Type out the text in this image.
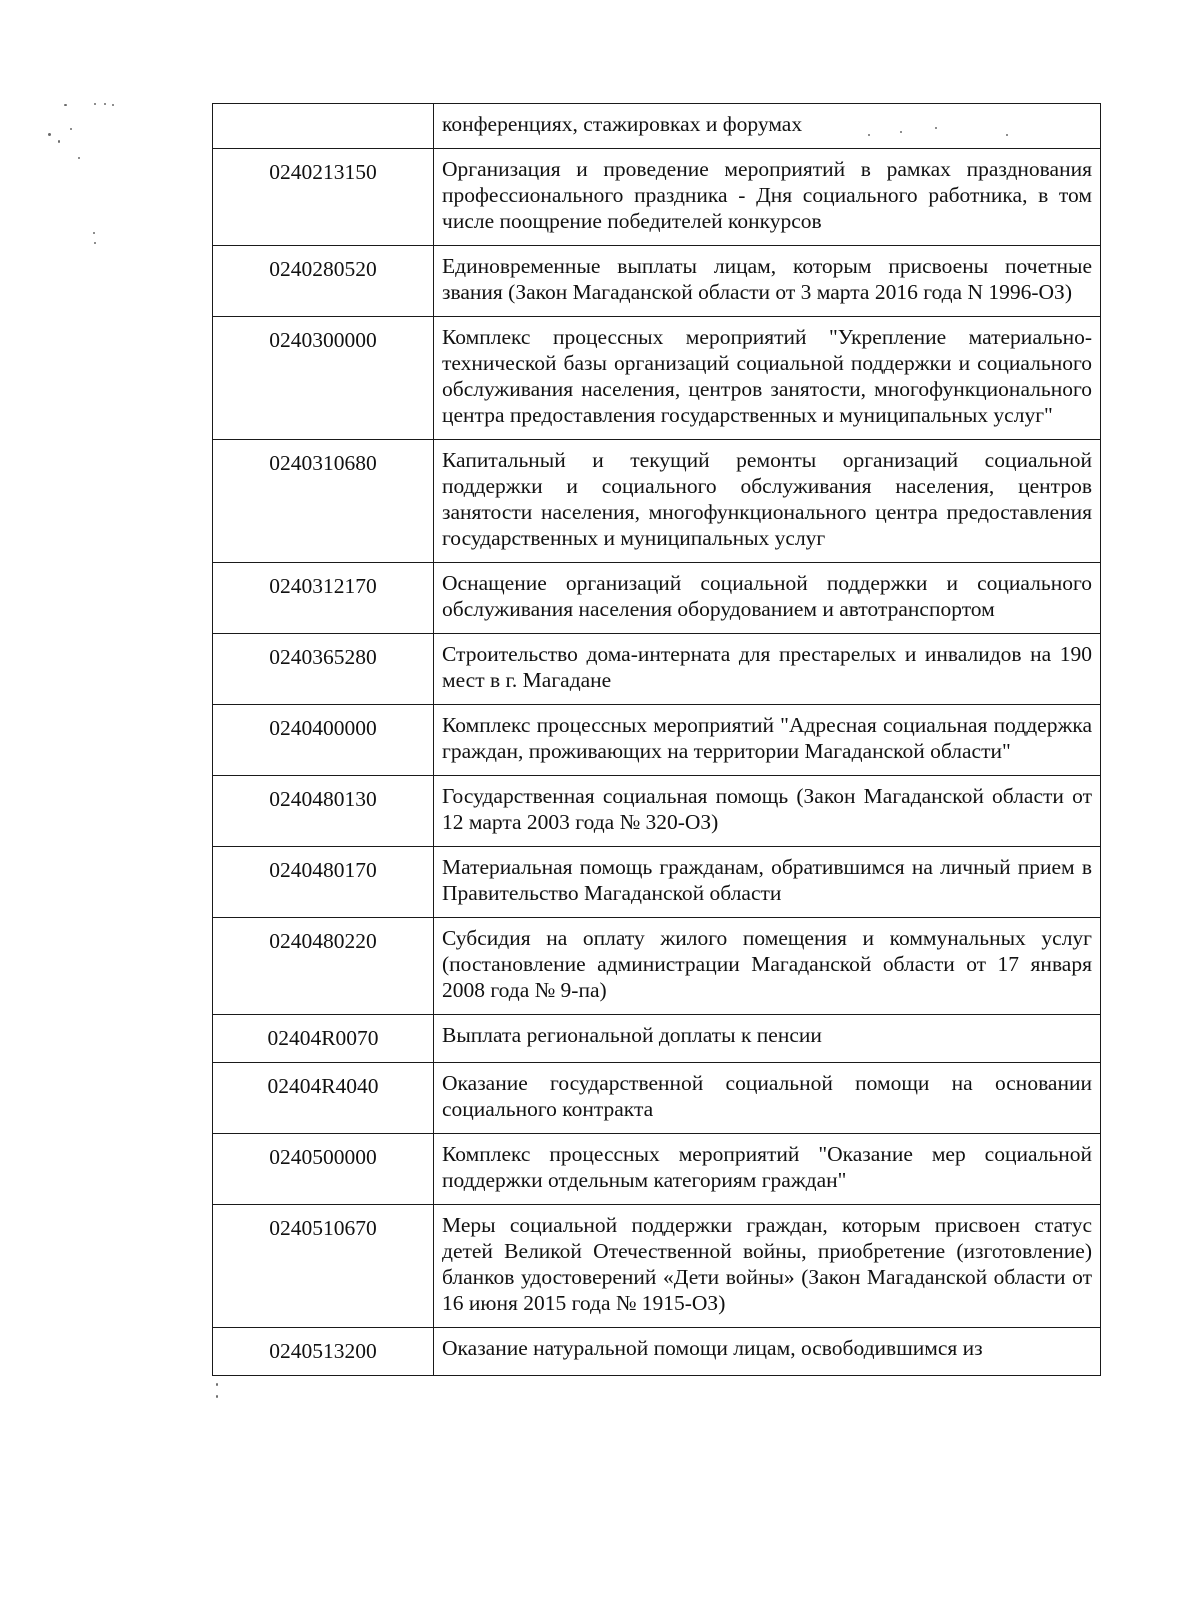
	конференциях, стажировках и форумах
0240213150	Организация и проведение мероприятий в рамках празднования профессионального праздника - Дня социального работника, в том числе поощрение победителей конкурсов
0240280520	Единовременные выплаты лицам, которым присвоены почетные звания (Закон Магаданской области от 3 марта 2016 года N 1996-ОЗ)
0240300000	Комплекс процессных мероприятий "Укрепление материально-технической базы организаций социальной поддержки и социального обслуживания населения, центров занятости, многофункционального центра предоставления государственных и муниципальных услуг"
0240310680	Капитальный и текущий ремонты организаций социальной поддержки и социального обслуживания населения, центров занятости населения, многофункционального центра предоставления государственных и муниципальных услуг
0240312170	Оснащение организаций социальной поддержки и социального обслуживания населения оборудованием и автотранспортом
0240365280	Строительство дома-интерната для престарелых и инвалидов на 190 мест в г. Магадане
0240400000	Комплекс процессных мероприятий "Адресная социальная поддержка граждан, проживающих на территории Магаданской области"
0240480130	Государственная социальная помощь (Закон Магаданской области от 12 марта 2003 года № 320-ОЗ)
0240480170	Материальная помощь гражданам, обратившимся на личный прием в Правительство Магаданской области
0240480220	Субсидия на оплату жилого помещения и коммунальных услуг (постановление администрации Магаданской области от 17 января 2008 года № 9-па)
02404R0070	Выплата региональной доплаты к пенсии
02404R4040	Оказание государственной социальной помощи на основании социального контракта
0240500000	Комплекс процессных мероприятий "Оказание мер социальной поддержки отдельным категориям граждан"
0240510670	Меры социальной поддержки граждан, которым присвоен статус детей Великой Отечественной войны, приобретение (изготовление) бланков удостоверений «Дети войны» (Закон Магаданской области от 16 июня 2015 года № 1915-ОЗ)
0240513200	Оказание натуральной помощи лицам, освободившимся из
